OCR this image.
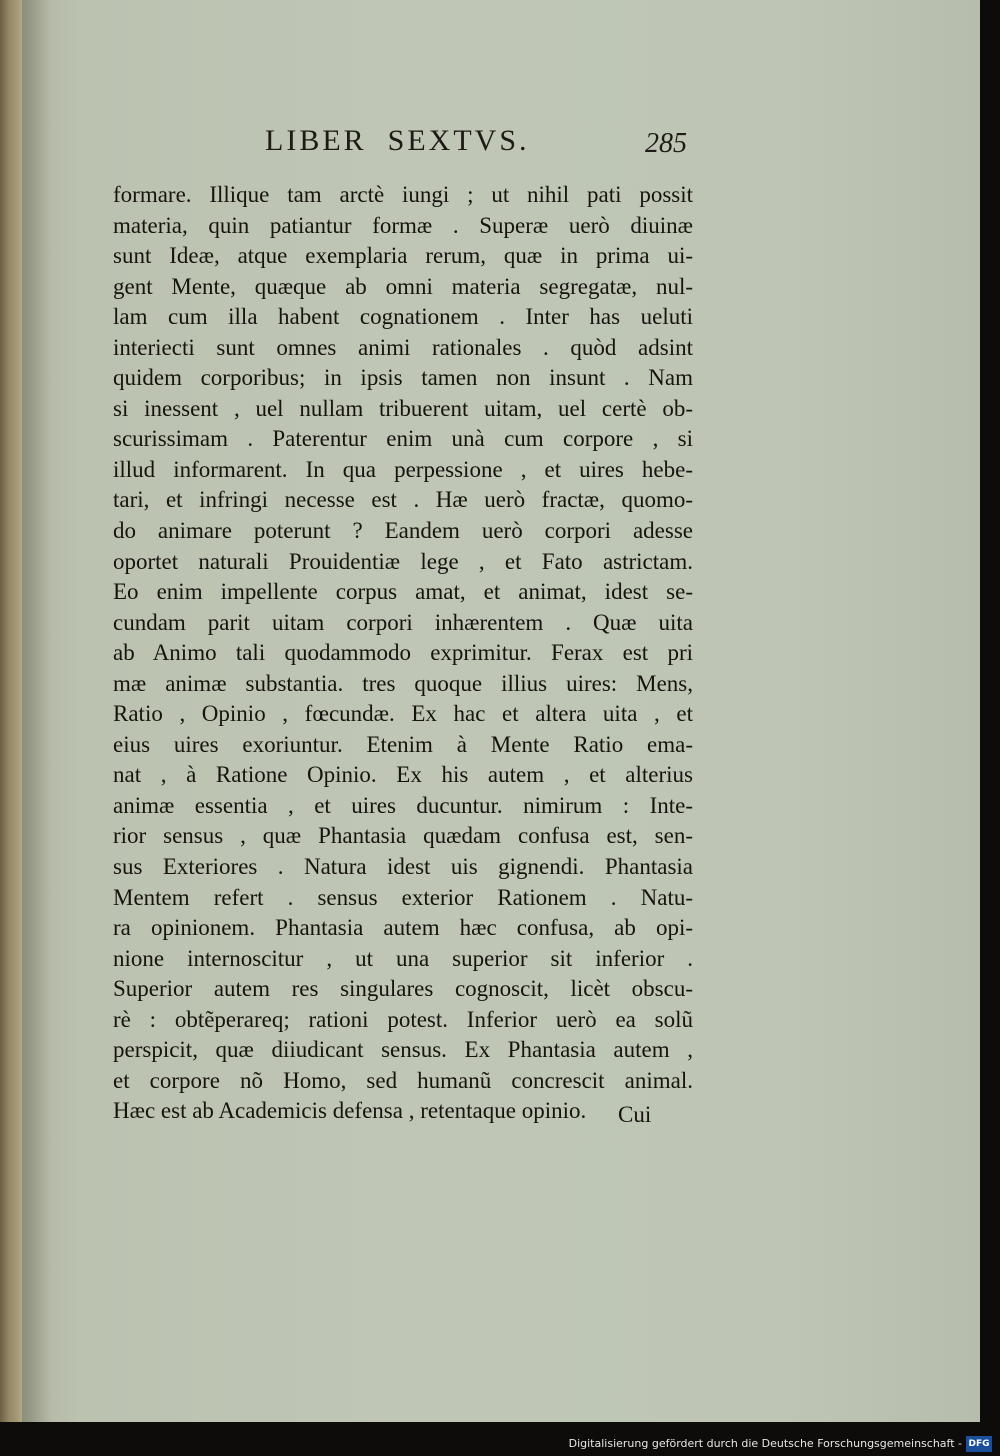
LIBER  SEXTVS.	285
formare. Illique tam arctè iungi ; ut nihil pati possit
materia, quin patiantur formæ . Superæ uerò diuinæ
sunt Ideæ, atque exemplaria rerum, quæ in prima ui-
gent Mente, quæque ab omni materia segregatæ, nul-
lam cum illa habent cognationem . Inter has ueluti
interiecti sunt omnes animi rationales . quòd adsint
quidem corporibus; in ipsis tamen non insunt . Nam
si inessent , uel nullam tribuerent uitam, uel certè ob-
scurissimam . Paterentur enim unà cum corpore , si
illud informarent. In qua perpessione , et uires hebe-
tari, et infringi necesse est . Hæ uerò fractæ, quomo-
do animare poterunt ? Eandem uerò corpori adesse
oportet naturali Prouidentiæ lege , et Fato astrictam.
Eo enim impellente corpus amat, et animat, idest se-
cundam parit uitam corpori inhærentem . Quæ uita
ab Animo tali quodammodo exprimitur. Ferax est pri
mæ animæ substantia. tres quoque illius uires: Mens,
Ratio , Opinio , fœcundæ. Ex hac et altera uita , et
eius uires exoriuntur. Etenim à Mente Ratio ema-
nat , à Ratione Opinio. Ex his autem , et alterius
animæ essentia , et uires ducuntur. nimirum : Inte-
rior sensus , quæ Phantasia quædam confusa est, sen-
sus Exteriores . Natura idest uis gignendi. Phantasia
Mentem refert . sensus exterior Rationem . Natu-
ra opinionem. Phantasia autem hæc confusa, ab opi-
nione internoscitur , ut una superior sit inferior .
Superior autem res singulares cognoscit, licèt obscu-
rè : obtẽperareq; rationi potest. Inferior uerò ea solũ
perspicit, quæ diiudicant sensus. Ex Phantasia autem ,
et corpore nõ Homo, sed humanũ concrescit animal.
Hæc est ab Academicis defensa , retentaque opinio.	Cui
Digitalisierung gefördert durch die Deutsche Forschungsgemeinschaft - DFG
